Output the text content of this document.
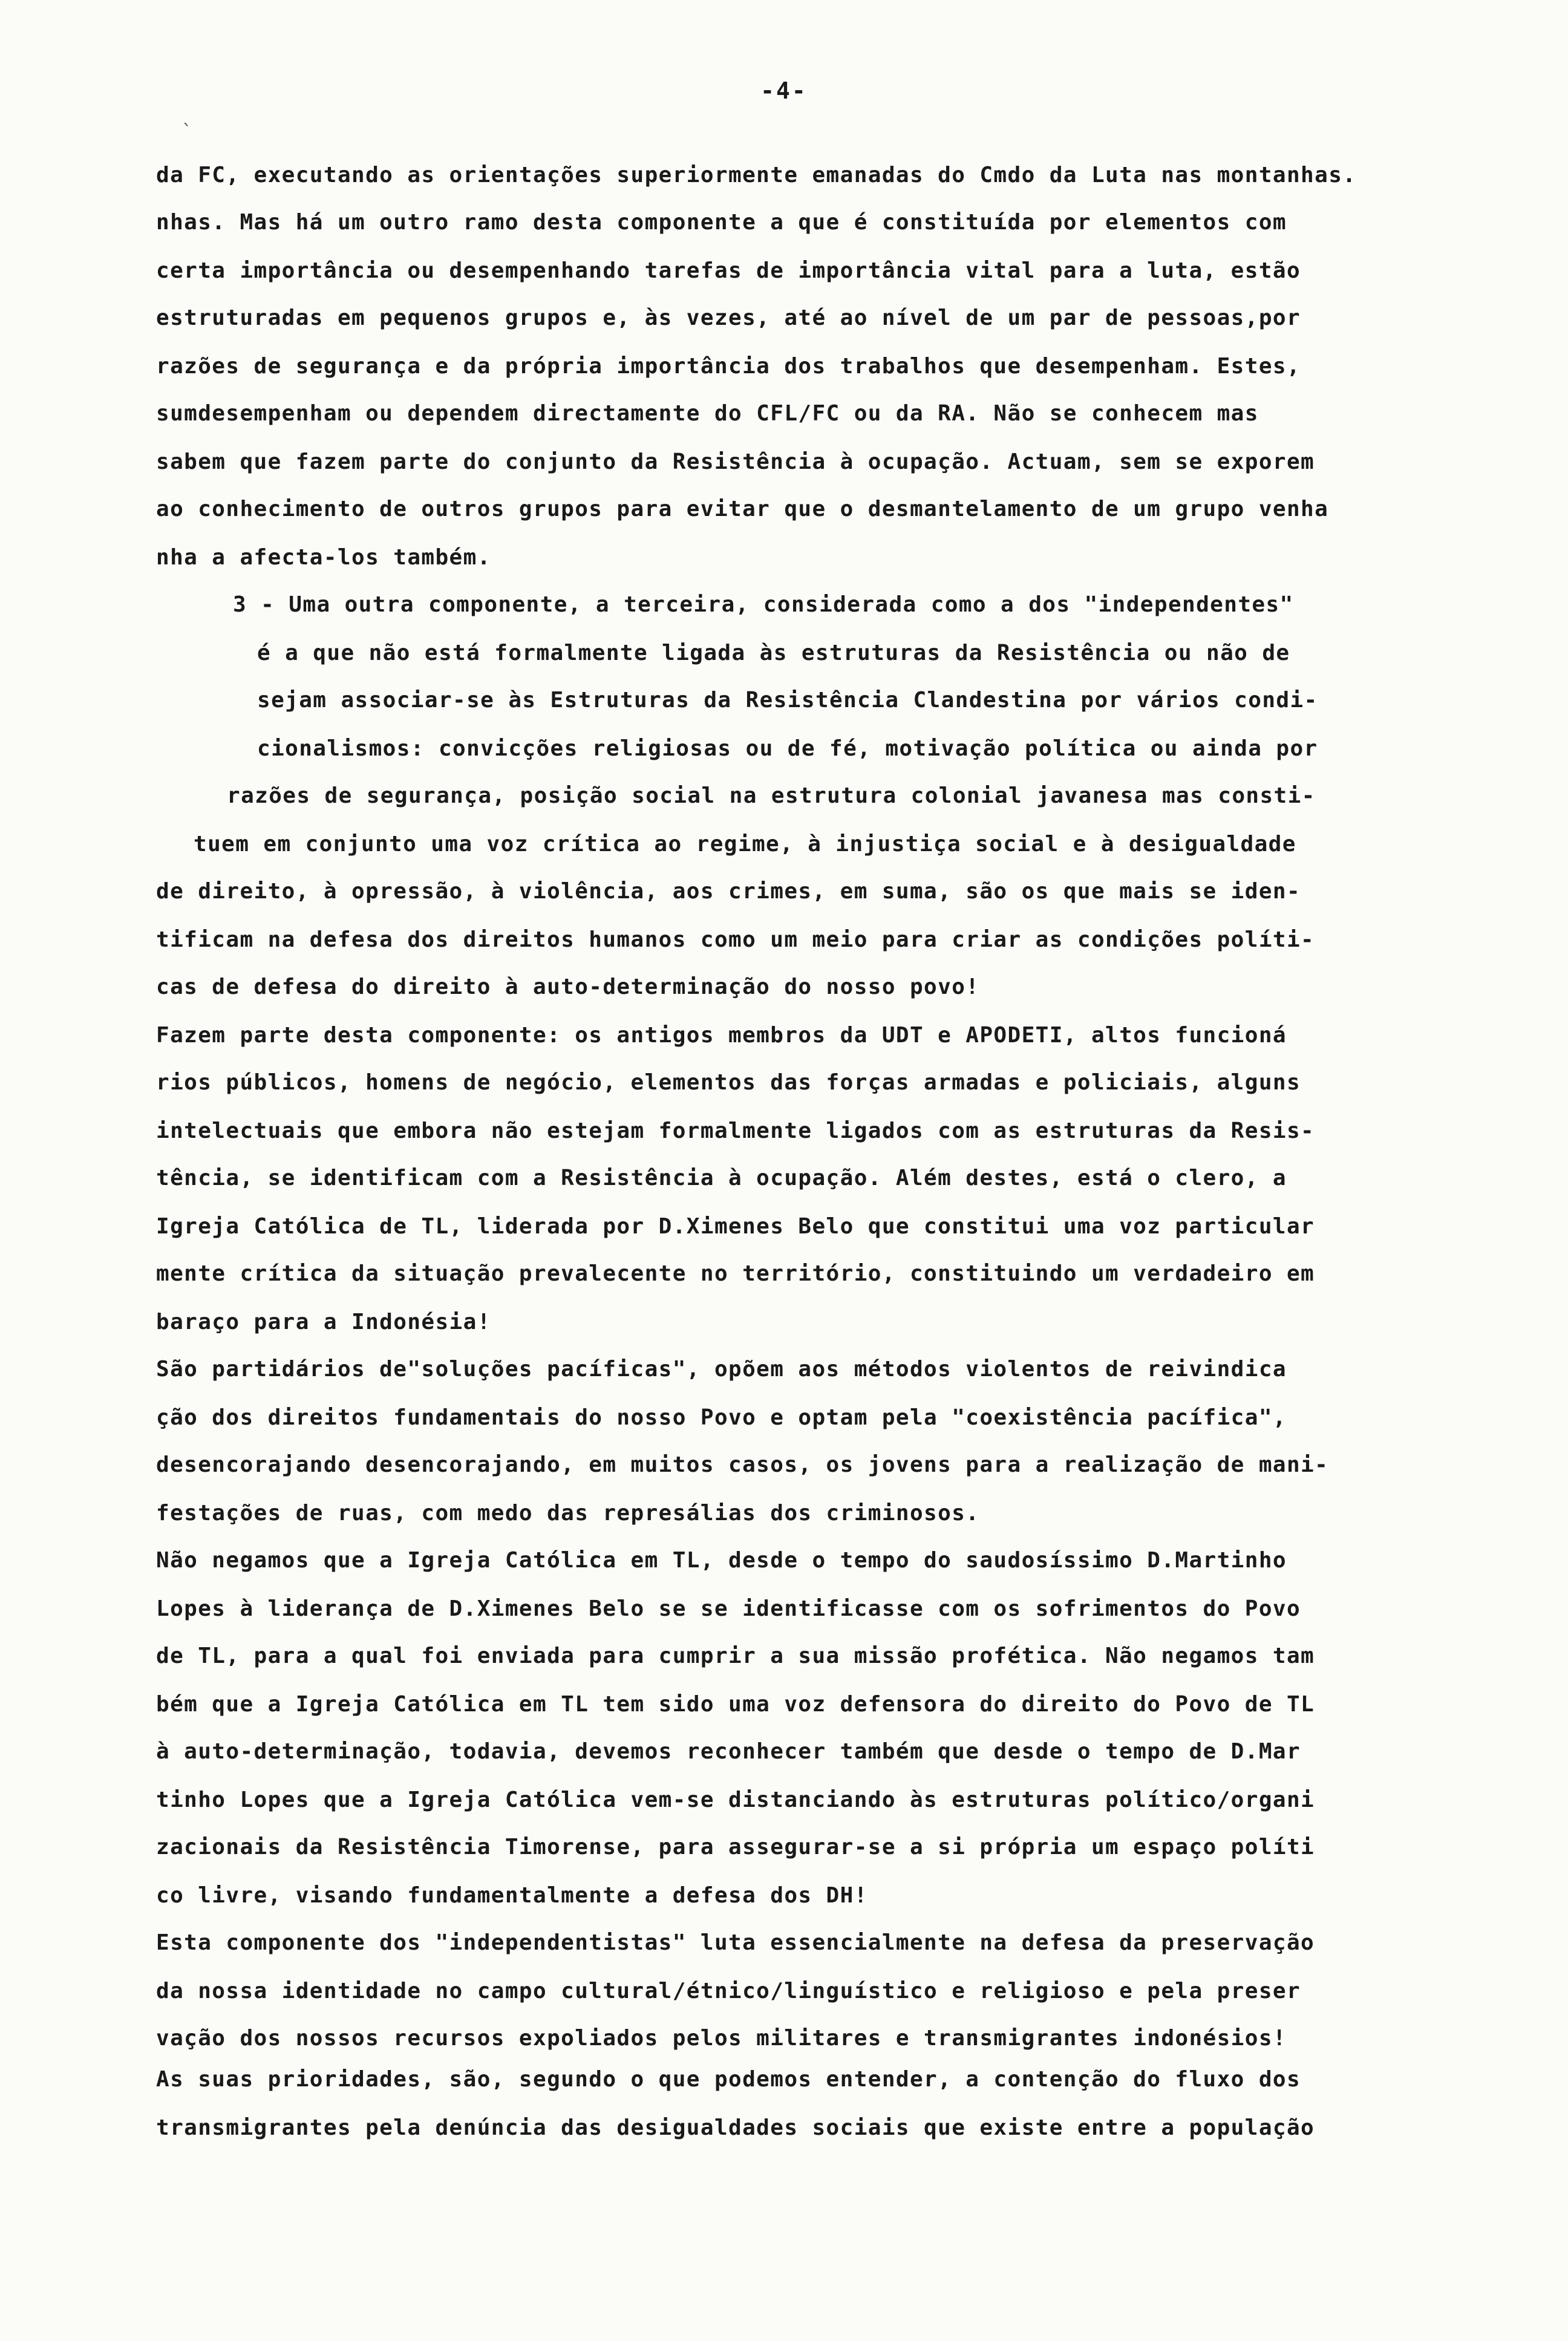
-4-
`
da FC, executando as orientações superiormente emanadas do Cmdo da Luta nas montanhas.
nhas. Mas há um outro ramo desta componente a que é constituída por elementos com
certa importância ou desempenhando tarefas de importância vital para a luta, estão
estruturadas em pequenos grupos e, às vezes, até ao nível de um par de pessoas,por
razões de segurança e da própria importância dos trabalhos que desempenham. Estes,
sumdesempenham ou dependem directamente do CFL/FC ou da RA. Não se conhecem mas
sabem que fazem parte do conjunto da Resistência à ocupação. Actuam, sem se exporem
ao conhecimento de outros grupos para evitar que o desmantelamento de um grupo venha
nha a afecta-los também.
3 - Uma outra componente, a terceira, considerada como a dos "independentes"
é a que não está formalmente ligada às estruturas da Resistência ou não de
sejam associar-se às Estruturas da Resistência Clandestina por vários condi-
cionalismos: convicções religiosas ou de fé, motivação política ou ainda por
razões de segurança, posição social na estrutura colonial javanesa mas consti-
tuem em conjunto uma voz crítica ao regime, à injustiça social e à desigualdade
de direito, à opressão, à violência, aos crimes, em suma, são os que mais se iden-
tificam na defesa dos direitos humanos como um meio para criar as condições políti-
cas de defesa do direito à auto-determinação do nosso povo!
Fazem parte desta componente: os antigos membros da UDT e APODETI, altos funcioná
rios públicos, homens de negócio, elementos das forças armadas e policiais, alguns
intelectuais que embora não estejam formalmente ligados com as estruturas da Resis-
tência, se identificam com a Resistência à ocupação. Além destes, está o clero, a
Igreja Católica de TL, liderada por D.Ximenes Belo que constitui uma voz particular
mente crítica da situação prevalecente no território, constituindo um verdadeiro em
baraço para a Indonésia!
São partidários de"soluções pacíficas", opõem aos métodos violentos de reivindica
ção dos direitos fundamentais do nosso Povo e optam pela "coexistência pacífica",
desencorajando desencorajando, em muitos casos, os jovens para a realização de mani-
festações de ruas, com medo das represálias dos criminosos.
Não negamos que a Igreja Católica em TL, desde o tempo do saudosíssimo D.Martinho
Lopes à liderança de D.Ximenes Belo se se identificasse com os sofrimentos do Povo
de TL, para a qual foi enviada para cumprir a sua missão profética. Não negamos tam
bém que a Igreja Católica em TL tem sido uma voz defensora do direito do Povo de TL
à auto-determinação, todavia, devemos reconhecer também que desde o tempo de D.Mar
tinho Lopes que a Igreja Católica vem-se distanciando às estruturas político/organi
zacionais da Resistência Timorense, para assegurar-se a si própria um espaço políti
co livre, visando fundamentalmente a defesa dos DH!
Esta componente dos "independentistas" luta essencialmente na defesa da preservação
da nossa identidade no campo cultural/étnico/linguístico e religioso e pela preser
vação dos nossos recursos expoliados pelos militares e transmigrantes indonésios!
As suas prioridades, são, segundo o que podemos entender, a contenção do fluxo dos
transmigrantes pela denúncia das desigualdades sociais que existe entre a população
